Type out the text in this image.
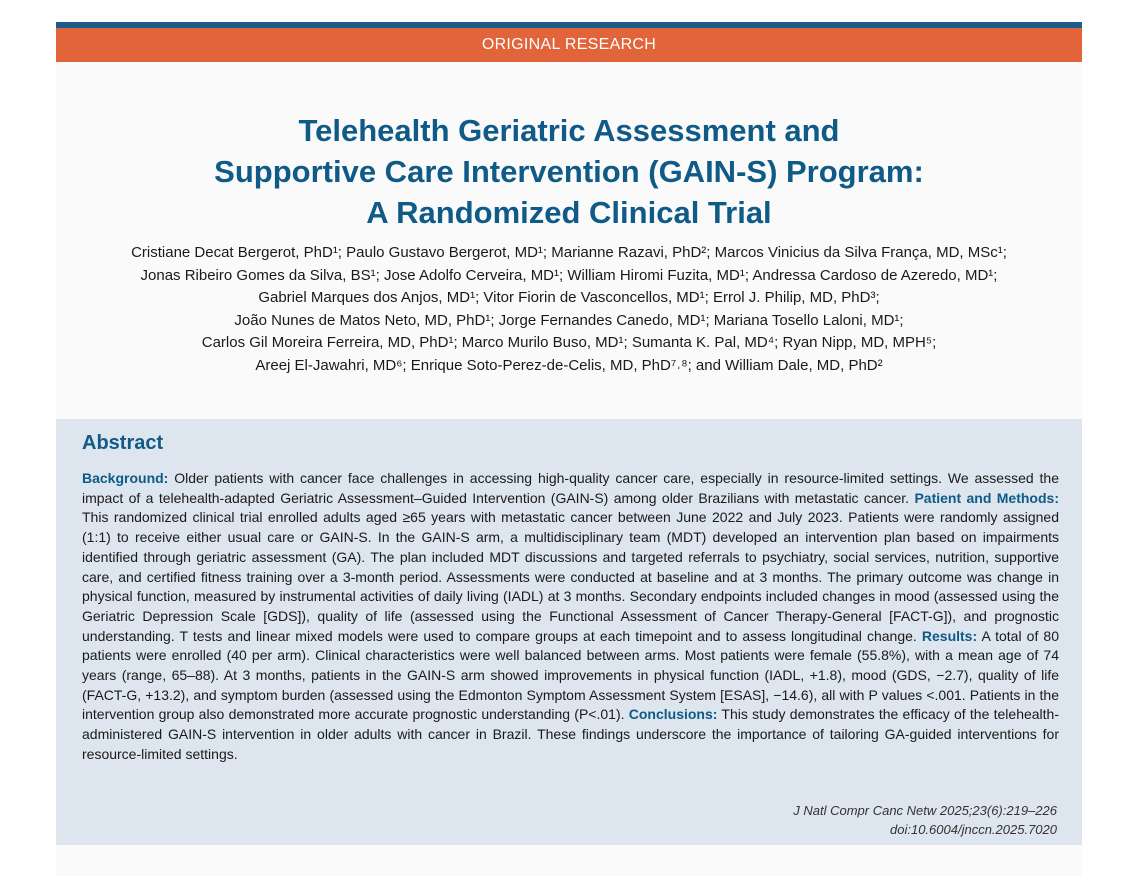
ORIGINAL RESEARCH
Telehealth Geriatric Assessment and
Supportive Care Intervention (GAIN-S) Program:
A Randomized Clinical Trial
Cristiane Decat Bergerot, PhD¹; Paulo Gustavo Bergerot, MD¹; Marianne Razavi, PhD²; Marcos Vinicius da Silva França, MD, MSc¹;
Jonas Ribeiro Gomes da Silva, BS¹; Jose Adolfo Cerveira, MD¹; William Hiromi Fuzita, MD¹; Andressa Cardoso de Azeredo, MD¹;
Gabriel Marques dos Anjos, MD¹; Vitor Fiorin de Vasconcellos, MD¹; Errol J. Philip, MD, PhD³;
João Nunes de Matos Neto, MD, PhD¹; Jorge Fernandes Canedo, MD¹; Mariana Tosello Laloni, MD¹;
Carlos Gil Moreira Ferreira, MD, PhD¹; Marco Murilo Buso, MD¹; Sumanta K. Pal, MD⁴; Ryan Nipp, MD, MPH⁵;
Areej El-Jawahri, MD⁶; Enrique Soto-Perez-de-Celis, MD, PhD⁷˒⁸; and William Dale, MD, PhD²
Abstract

Background: Older patients with cancer face challenges in accessing high-quality cancer care, especially in resource-limited settings. We assessed the impact of a telehealth-adapted Geriatric Assessment–Guided Intervention (GAIN-S) among older Brazilians with metastatic cancer. Patient and Methods: This randomized clinical trial enrolled adults aged ≥65 years with metastatic cancer between June 2022 and July 2023. Patients were randomly assigned (1:1) to receive either usual care or GAIN-S. In the GAIN-S arm, a multidisciplinary team (MDT) developed an intervention plan based on impairments identified through geriatric assessment (GA). The plan included MDT discussions and targeted referrals to psychiatry, social services, nutrition, supportive care, and certified fitness training over a 3-month period. Assessments were conducted at baseline and at 3 months. The primary outcome was change in physical function, measured by instrumental activities of daily living (IADL) at 3 months. Secondary endpoints included changes in mood (assessed using the Geriatric Depression Scale [GDS]), quality of life (assessed using the Functional Assessment of Cancer Therapy-General [FACT-G]), and prognostic understanding. T tests and linear mixed models were used to compare groups at each timepoint and to assess longitudinal change. Results: A total of 80 patients were enrolled (40 per arm). Clinical characteristics were well balanced between arms. Most patients were female (55.8%), with a mean age of 74 years (range, 65–88). At 3 months, patients in the GAIN-S arm showed improvements in physical function (IADL, +1.8), mood (GDS, −2.7), quality of life (FACT-G, +13.2), and symptom burden (assessed using the Edmonton Symptom Assessment System [ESAS], −14.6), all with P values <.001. Patients in the intervention group also demonstrated more accurate prognostic understanding (P<.01). Conclusions: This study demonstrates the efficacy of the telehealth-administered GAIN-S intervention in older adults with cancer in Brazil. These findings underscore the importance of tailoring GA-guided interventions for resource-limited settings.

J Natl Compr Canc Netw 2025;23(6):219–226
doi:10.6004/jnccn.2025.7020
